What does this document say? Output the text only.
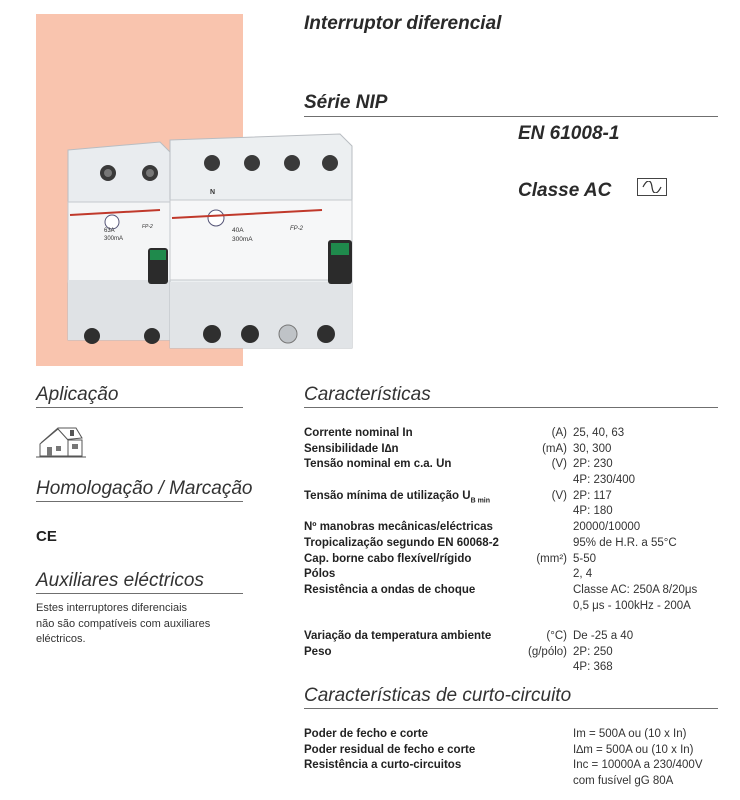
63A
300mA
FP-2
N
40A
300mA
FP-2
Interruptor diferencial
Série NIP
EN 61008-1
Classe AC
Aplicação
Homologação / Marcação
CE
Auxiliares eléctricos
Estes interruptores diferenciais
não são compatíveis com auxiliares
eléctricos.
Características
Corrente nominal In	(A) 25, 40, 63
Sensibilidade I∆n	(mA) 30, 300
Tensão nominal em c.a. Un	(V) 2P: 230
4P: 230/400
Tensão mínima de utilização $U_{B min}$	(V) 2P: 117
4P: 180
Nº manobras mecânicas/eléctricas	20000/10000
Tropicalização segundo EN 60068-2	95% de H.R. a 55°C
Cap. borne cabo flexível/rígido	(mm²) 5-50
Pólos	2, 4
Resistência a ondas de choque	Classe AC: 250A 8/20μs
0,5 μs - 100kHz - 200A
Variação da temperatura ambiente	(°C) De -25 a 40
Peso	(g/pólo) 2P: 250
4P: 368
Características de curto-circuito
Poder de fecho e corte	Im = 500A ou (10 x In)
Poder residual de fecho e corte	I∆m = 500A ou (10 x In)
Resistência a curto-circuitos	Inc = 10000A a 230/400V
com fusível gG 80A
